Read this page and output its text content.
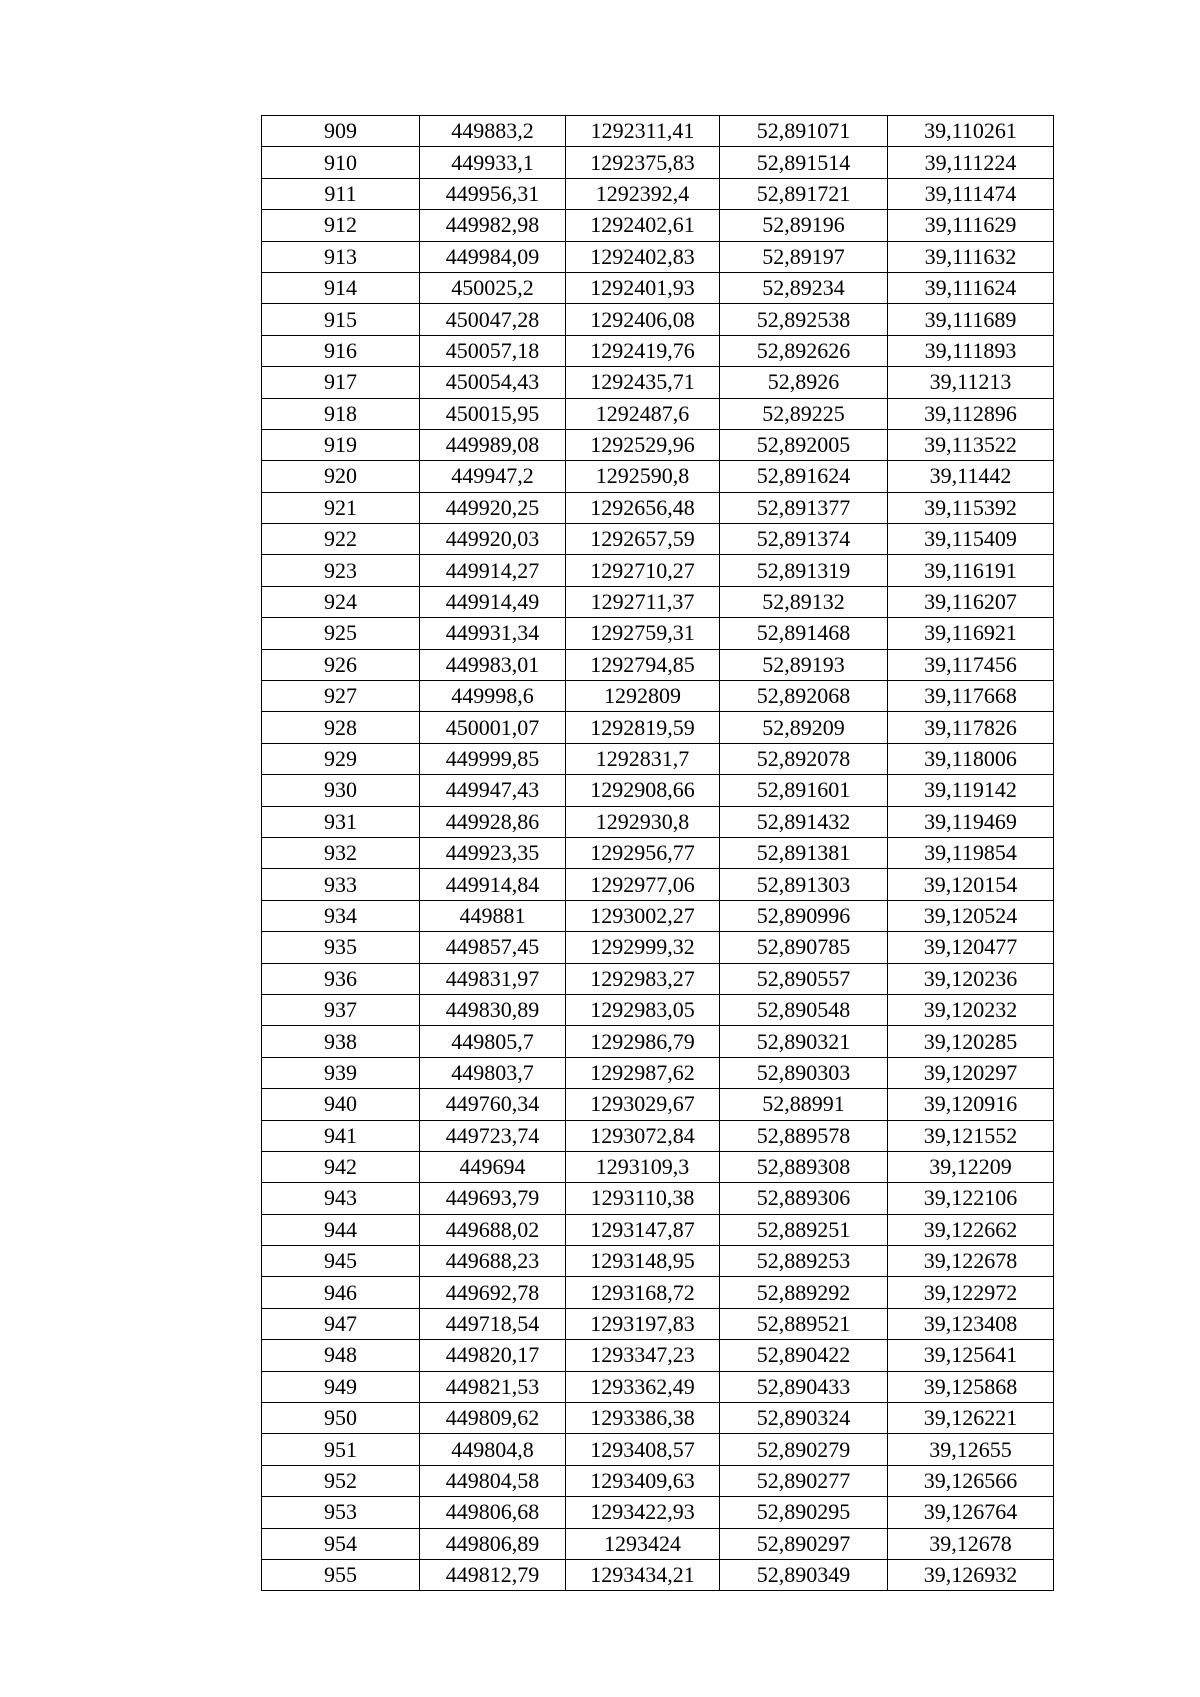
909	449883,2	1292311,41	52,891071	39,110261
910	449933,1	1292375,83	52,891514	39,111224
911	449956,31	1292392,4	52,891721	39,111474
912	449982,98	1292402,61	52,89196	39,111629
913	449984,09	1292402,83	52,89197	39,111632
914	450025,2	1292401,93	52,89234	39,111624
915	450047,28	1292406,08	52,892538	39,111689
916	450057,18	1292419,76	52,892626	39,111893
917	450054,43	1292435,71	52,8926	39,11213
918	450015,95	1292487,6	52,89225	39,112896
919	449989,08	1292529,96	52,892005	39,113522
920	449947,2	1292590,8	52,891624	39,11442
921	449920,25	1292656,48	52,891377	39,115392
922	449920,03	1292657,59	52,891374	39,115409
923	449914,27	1292710,27	52,891319	39,116191
924	449914,49	1292711,37	52,89132	39,116207
925	449931,34	1292759,31	52,891468	39,116921
926	449983,01	1292794,85	52,89193	39,117456
927	449998,6	1292809	52,892068	39,117668
928	450001,07	1292819,59	52,89209	39,117826
929	449999,85	1292831,7	52,892078	39,118006
930	449947,43	1292908,66	52,891601	39,119142
931	449928,86	1292930,8	52,891432	39,119469
932	449923,35	1292956,77	52,891381	39,119854
933	449914,84	1292977,06	52,891303	39,120154
934	449881	1293002,27	52,890996	39,120524
935	449857,45	1292999,32	52,890785	39,120477
936	449831,97	1292983,27	52,890557	39,120236
937	449830,89	1292983,05	52,890548	39,120232
938	449805,7	1292986,79	52,890321	39,120285
939	449803,7	1292987,62	52,890303	39,120297
940	449760,34	1293029,67	52,88991	39,120916
941	449723,74	1293072,84	52,889578	39,121552
942	449694	1293109,3	52,889308	39,12209
943	449693,79	1293110,38	52,889306	39,122106
944	449688,02	1293147,87	52,889251	39,122662
945	449688,23	1293148,95	52,889253	39,122678
946	449692,78	1293168,72	52,889292	39,122972
947	449718,54	1293197,83	52,889521	39,123408
948	449820,17	1293347,23	52,890422	39,125641
949	449821,53	1293362,49	52,890433	39,125868
950	449809,62	1293386,38	52,890324	39,126221
951	449804,8	1293408,57	52,890279	39,12655
952	449804,58	1293409,63	52,890277	39,126566
953	449806,68	1293422,93	52,890295	39,126764
954	449806,89	1293424	52,890297	39,12678
955	449812,79	1293434,21	52,890349	39,126932
